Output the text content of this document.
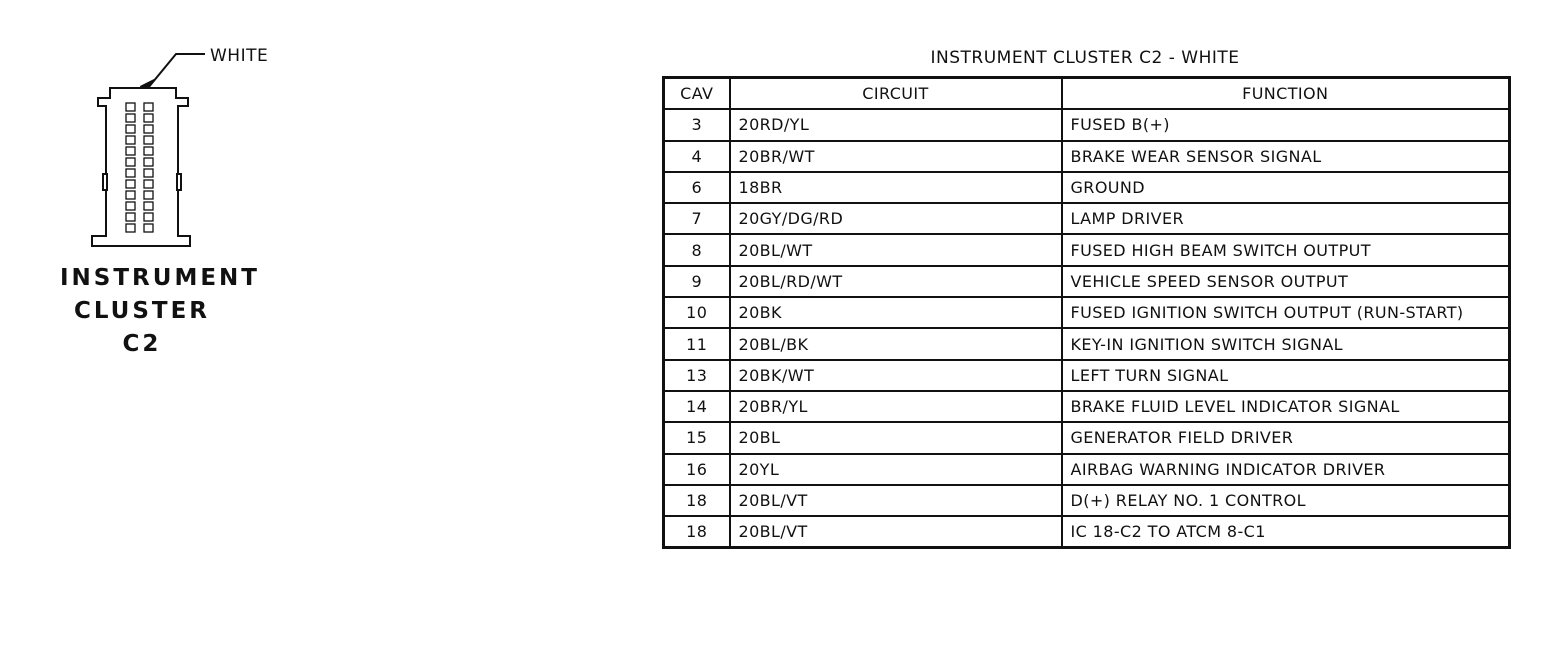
WHITE
INSTRUMENT
CLUSTER
C2
INSTRUMENT CLUSTER C2 - WHITE
CAV	CIRCUIT	FUNCTION
3	20RD/YL	FUSED B(+)
4	20BR/WT	BRAKE WEAR SENSOR SIGNAL
6	18BR	GROUND
7	20GY/DG/RD	LAMP DRIVER
8	20BL/WT	FUSED HIGH BEAM SWITCH OUTPUT
9	20BL/RD/WT	VEHICLE SPEED SENSOR OUTPUT
10	20BK	FUSED IGNITION SWITCH OUTPUT (RUN-START)
11	20BL/BK	KEY-IN IGNITION SWITCH SIGNAL
13	20BK/WT	LEFT TURN SIGNAL
14	20BR/YL	BRAKE FLUID LEVEL INDICATOR SIGNAL
15	20BL	GENERATOR FIELD DRIVER
16	20YL	AIRBAG WARNING INDICATOR DRIVER
18	20BL/VT	D(+) RELAY NO. 1 CONTROL
18	20BL/VT	IC 18-C2 TO ATCM 8-C1
